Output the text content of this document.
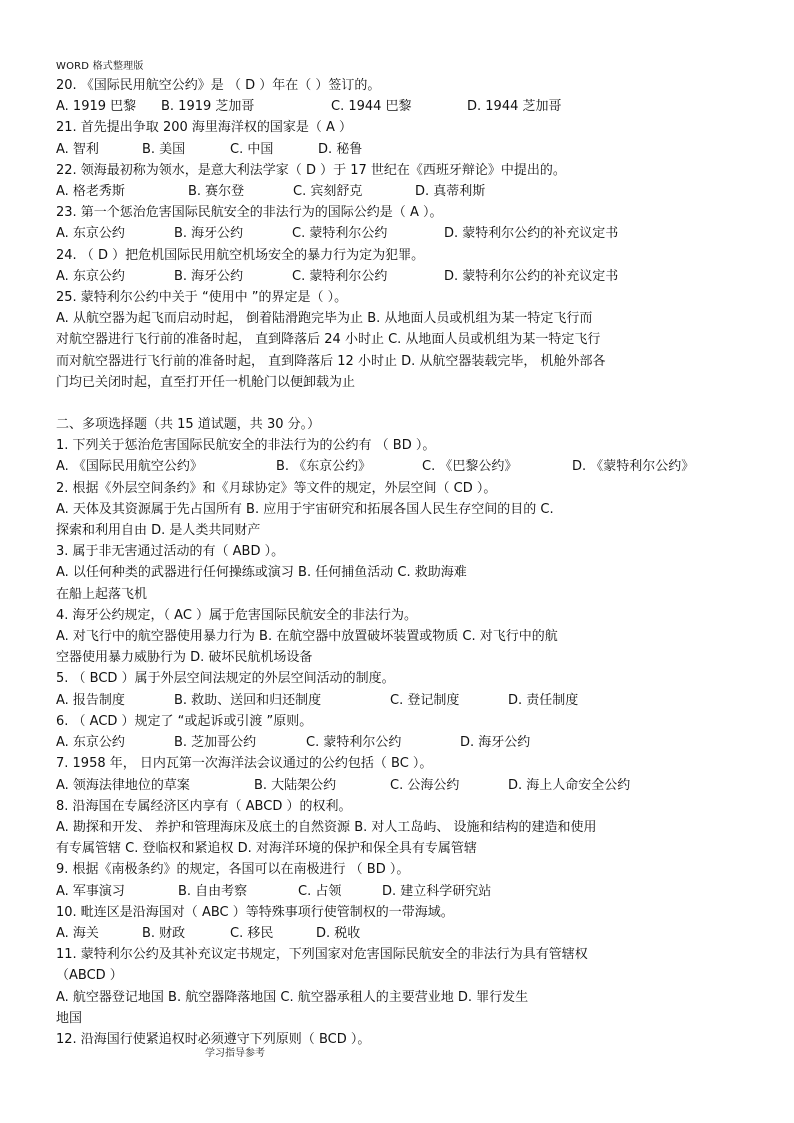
WORD 格式整理版
20. 《国际民用航空公约》是 （ D ）年在（ ）签订的。
A. 1919 巴黎	B. 1919 芝加哥	C. 1944 巴黎	D. 1944 芝加哥
21. 首先提出争取 200 海里海洋权的国家是（ A ）
A. 智利	B. 美国	C. 中国	D. 秘鲁
22. 领海最初称为领水，是意大利法学家（ D ）于 17 世纪在《西班牙辩论》中提出的。
A. 格老秀斯	B. 赛尔登	C. 宾刻舒克	D. 真蒂利斯
23. 第一个惩治危害国际民航安全的非法行为的国际公约是（ A ）。
A. 东京公约	B. 海牙公约	C. 蒙特利尔公约	D. 蒙特利尔公约的补充议定书
24. （ D ）把危机国际民用航空机场安全的暴力行为定为犯罪。
A. 东京公约	B. 海牙公约	C. 蒙特利尔公约	D. 蒙特利尔公约的补充议定书
25. 蒙特利尔公约中关于 “使用中 ”的界定是（ ）。
A. 从航空器为起飞而启动时起， 倒着陆滑跑完毕为止 B. 从地面人员或机组为某一特定飞行而
对航空器进行飞行前的准备时起， 直到降落后 24 小时止 C. 从地面人员或机组为某一特定飞行
而对航空器进行飞行前的准备时起， 直到降落后 12 小时止 D. 从航空器装载完毕， 机舱外部各
门均已关闭时起，直至打开任一机舱门以便卸载为止
二、多项选择题（共 15 道试题，共 30 分。）
1. 下列关于惩治危害国际民航安全的非法行为的公约有 （ BD ）。
A. 《国际民用航空公约》	B. 《东京公约》	C. 《巴黎公约》	D. 《蒙特利尔公约》
2. 根据《外层空间条约》和《月球协定》等文件的规定，外层空间（ CD ）。
A. 天体及其资源属于先占国所有 B. 应用于宇宙研究和拓展各国人民生存空间的目的 C.
探索和利用自由 D. 是人类共同财产
3. 属于非无害通过活动的有（ ABD ）。
A. 以任何种类的武器进行任何操练或演习 B. 任何捕鱼活动 C. 救助海难
在船上起落飞机
4. 海牙公约规定，（ AC ）属于危害国际民航安全的非法行为。
A. 对飞行中的航空器使用暴力行为 B. 在航空器中放置破坏装置或物质 C. 对飞行中的航
空器使用暴力威胁行为 D. 破坏民航机场设备
5. （ BCD ）属于外层空间法规定的外层空间活动的制度。
A. 报告制度	B. 救助、送回和归还制度	C. 登记制度	D. 责任制度
6. （ ACD ）规定了 “或起诉或引渡 ”原则。
A. 东京公约	B. 芝加哥公约	C. 蒙特利尔公约	D. 海牙公约
7. 1958 年， 日内瓦第一次海洋法会议通过的公约包括（ BC ）。
A. 领海法律地位的草案	B. 大陆架公约	C. 公海公约	D. 海上人命安全公约
8. 沿海国在专属经济区内享有（ ABCD ）的权利。
A. 勘探和开发、 养护和管理海床及底土的自然资源 B. 对人工岛屿、 设施和结构的建造和使用
有专属管辖 C. 登临权和紧追权 D. 对海洋环境的保护和保全具有专属管辖
9. 根据《南极条约》的规定，各国可以在南极进行 （ BD ）。
A. 军事演习	B. 自由考察	C. 占领	D. 建立科学研究站
10. 毗连区是沿海国对（ ABC ）等特殊事项行使管制权的一带海域。
A. 海关	B. 财政	C. 移民	D. 税收
11. 蒙特利尔公约及其补充议定书规定，下列国家对危害国际民航安全的非法行为具有管辖权
（ABCD ）
A. 航空器登记地国 B. 航空器降落地国 C. 航空器承租人的主要营业地 D. 罪行发生
地国
12. 沿海国行使紧追权时必须遵守下列原则（ BCD ）。
学习指导参考
